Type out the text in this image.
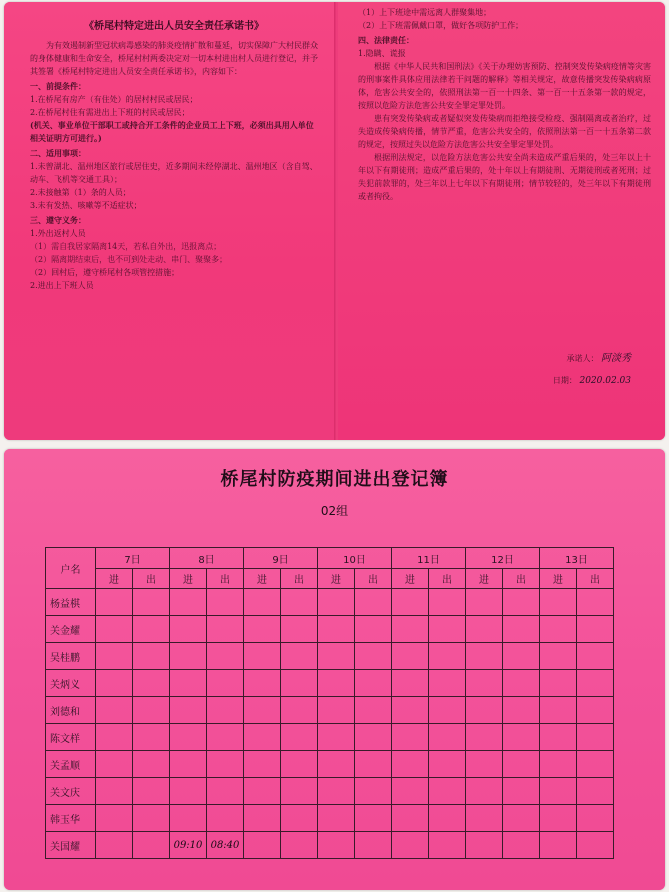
《桥尾村特定进出人员安全责任承诺书》

为有效遏制新型冠状病毒感染的肺炎疫情扩散和蔓延，切实保障广大村民群众的身体健康和生命安全，桥尾村村两委决定对一切本村进出村人员进行登记，并予其签署《桥尾村特定进出人员安全责任承诺书》，内容如下：

一、前提条件：

1.在桥尾有房产（有住处）的居村村民或居民；

2.在桥尾村住有需进出上下班的村民或居民；

(机关、事业单位干部职工或持合开工条件的企业员工上下班，必须出具用人单位相关证明方可进行。)

二、适用事项：

1.未曾湖北、温州地区旅行或居住史，近多期间未经停湖北、温州地区（含自驾、动车、飞机等交通工具）；

2.未接触第（1）条的人员；

3.未有发热、咳嗽等不适症状；

三、遵守义务：

1.外出返村人员

（1）需自我居家隔离14天，若私自外出，迅报离点；

（2）隔离期结束后，也不可到处走动、串门、聚聚多；

（2）回村后，遵守桥尾村各项管控措施；

2.进出上下班人员

（1）上下班途中需远离人群聚集地；

（2）上下班需佩戴口罩，做好各项防护工作；

四、法律责任：

1.隐瞒、谎报

根据《中华人民共和国刑法》《关于办理妨害预防、控制突发传染病疫情等灾害的刑事案件具体应用法律若干问题的解释》等相关规定，故意传播突发传染病病原体，危害公共安全的，依照刑法第一百一十四条、第一百一十五条第一款的规定，按照以危险方法危害公共安全罪定罪处罚。

患有突发传染病或者疑似突发传染病而拒绝接受检疫、强制隔离或者治疗，过失造成传染病传播，情节严重，危害公共安全的，依照刑法第一百一十五条第二款的规定，按照过失以危险方法危害公共安全罪定罪处罚。

根据刑法规定，以危险方法危害公共安全尚未造成严重后果的，处三年以上十年以下有期徒刑；造成严重后果的，处十年以上有期徒刑、无期徒刑或者死刑；过失犯前款罪的，处三年以上七年以下有期徒刑；情节较轻的，处三年以下有期徒刑或者拘役。

承诺人： 阿淡秀
日期： 2020.02.03
桥尾村防疫期间进出登记簿
02组
户名	7日		8日		9日		10日		11日		12日		13日	
	进	出	进	出	进	出	进	出	进	出	进	出	进	出
杨益棋														
关金耀														
吴桂鹏														
关炳义														
刘德和														
陈文样														
关孟顺														
关文庆														
韩玉华														
关国耀			09:10	08:40										
